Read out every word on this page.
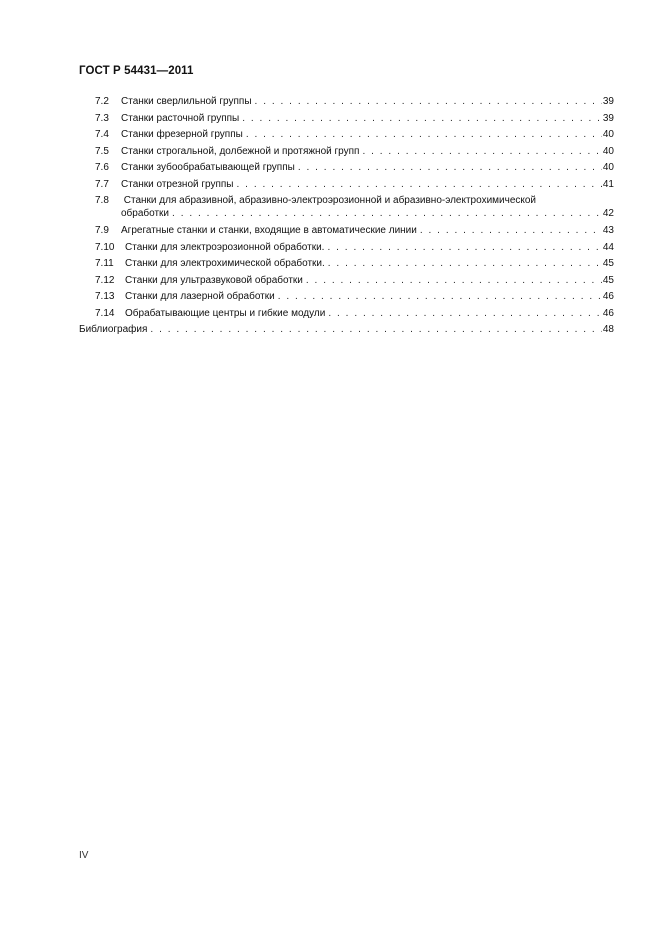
ГОСТ Р 54431—2011
7.2	Станки сверлильной группы . . .	39
7.3	Станки расточной группы . . .	39
7.4	Станки фрезерной группы . . .	40
7.5	Станки строгальной, долбежной и протяжной групп . . .	40
7.6	Станки зубообрабатывающей группы . . .	40
7.7	Станки отрезной группы . . .	41
7.8 Станки для абразивной, абразивно-электроэрозионной и абразивно-электрохимической
обработки . . .	42
7.9	Агрегатные станки и станки, входящие в автоматические линии . . .	43
7.10	Станки для электроэрозионной обработки. . . .	44
7.11	Станки для электрохимической обработки. . . .	45
7.12	Станки для ультразвуковой обработки . . .	45
7.13	Станки для лазерной обработки . . .	46
7.14	Обрабатывающие центры и гибкие модули . . .	46
Библиография . . .	48
IV
